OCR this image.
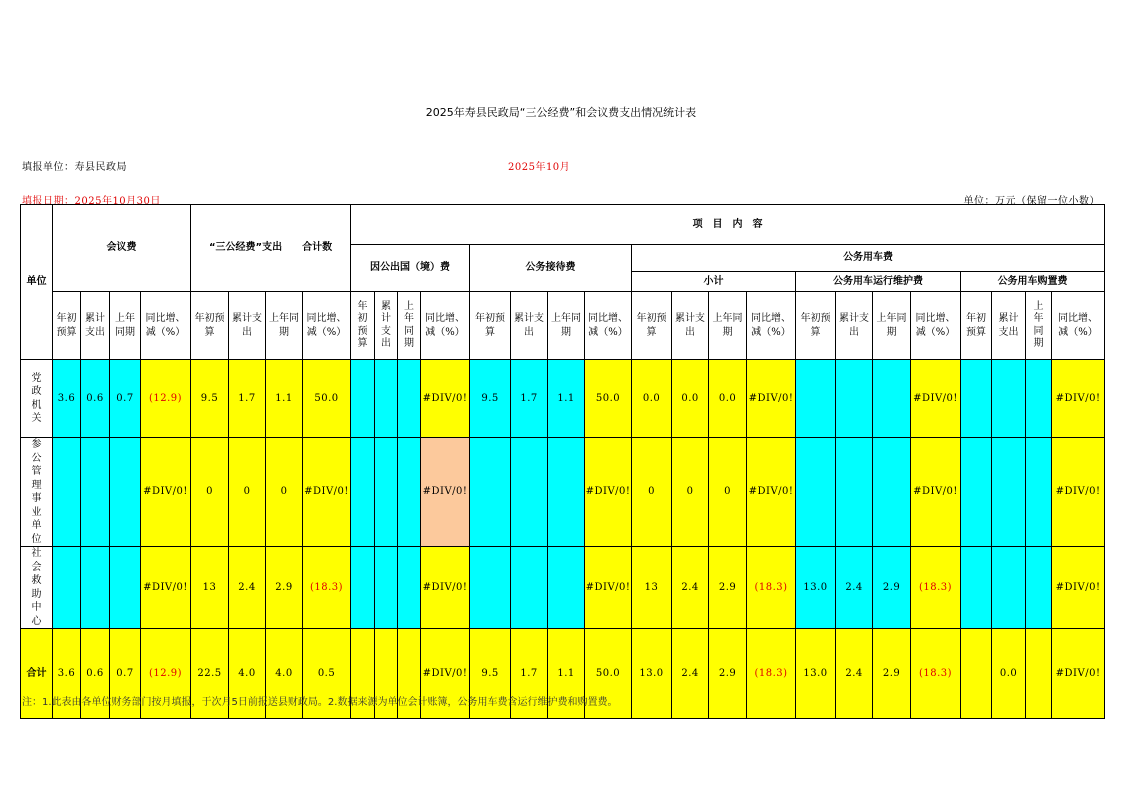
2025年寿县民政局“三公经费”和会议费支出情况统计表
填报单位：寿县民政局	2025年10月
填报日期：2025年10月30日	单位：万元（保留一位小数）
单位	会议费				“三公经费”支出　　合计数				项　目　内　容																			
									因公出国（境）费				公务接待费				公务用车费											
																	小计				公务用车运行维护费				公务用车购置费			
	年初预算	累计支出	上年同期	同比增、减（%）	年初预算	累计支出	上年同期	同比增、减（%）	年初预算	累计支出	上年同期	同比增、减（%）	年初预算	累计支出	上年同期	同比增、减（%）	年初预算	累计支出	上年同期	同比增、减（%）	年初预算	累计支出	上年同期	同比增、减（%）	年初预算	累计支出	上年同期	同比增、减（%）
党政机关	3.6	0.6	0.7	(12.9)	9.5	1.7	1.1	50.0				#DIV/0!	9.5	1.7	1.1	50.0	0.0	0.0	0.0	#DIV/0!				#DIV/0!				#DIV/0!
参公管理事业单位				#DIV/0!	0	0	0	#DIV/0!				#DIV/0!				#DIV/0!	0	0	0	#DIV/0!				#DIV/0!				#DIV/0!
社会救助中心				#DIV/0!	13	2.4	2.9	(18.3)				#DIV/0!				#DIV/0!	13	2.4	2.9	(18.3)	13.0	2.4	2.9	(18.3)				#DIV/0!
合计	3.6	0.6	0.7	(12.9)	22.5	4.0	4.0	0.5				#DIV/0!	9.5	1.7	1.1	50.0	13.0	2.4	2.9	(18.3)	13.0	2.4	2.9	(18.3)		0.0		#DIV/0!
注：1.此表由各单位财务部门按月填报，于次月5日前报送县财政局。2.数据来源为单位会计账簿，公务用车费含运行维护费和购置费。
